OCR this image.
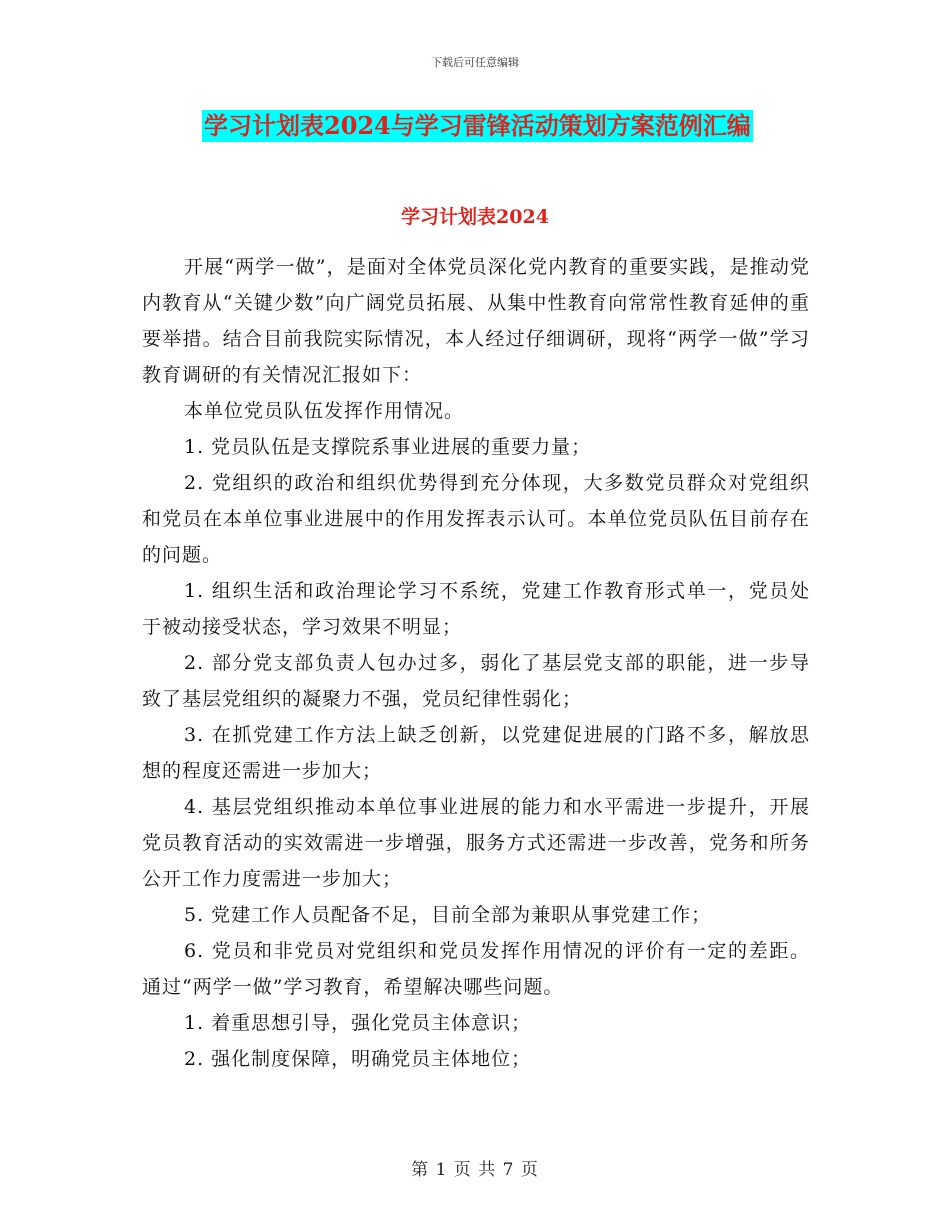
下载后可任意编辑
学习计划表2024与学习雷锋活动策划方案范例汇编
学习计划表2024

开展“两学一做”，是面对全体党员深化党内教育的重要实践，是推动党内教育从“关键少数”向广阔党员拓展、从集中性教育向常常性教育延伸的重要举措。结合目前我院实际情况，本人经过仔细调研，现将“两学一做”学习教育调研的有关情况汇报如下：

本单位党员队伍发挥作用情况。

1. 党员队伍是支撑院系事业进展的重要力量；

2. 党组织的政治和组织优势得到充分体现，大多数党员群众对党组织和党员在本单位事业进展中的作用发挥表示认可。本单位党员队伍目前存在的问题。

1. 组织生活和政治理论学习不系统，党建工作教育形式单一，党员处于被动接受状态，学习效果不明显；

2. 部分党支部负责人包办过多，弱化了基层党支部的职能，进一步导致了基层党组织的凝聚力不强，党员纪律性弱化；

3. 在抓党建工作方法上缺乏创新，以党建促进展的门路不多，解放思想的程度还需进一步加大；

4. 基层党组织推动本单位事业进展的能力和水平需进一步提升，开展党员教育活动的实效需进一步增强，服务方式还需进一步改善，党务和所务公开工作力度需进一步加大；

5. 党建工作人员配备不足，目前全部为兼职从事党建工作；

6. 党员和非党员对党组织和党员发挥作用情况的评价有一定的差距。 通过“两学一做”学习教育，希望解决哪些问题。

1. 着重思想引导，强化党员主体意识；

2. 强化制度保障，明确党员主体地位；

第 1 页 共 7 页
